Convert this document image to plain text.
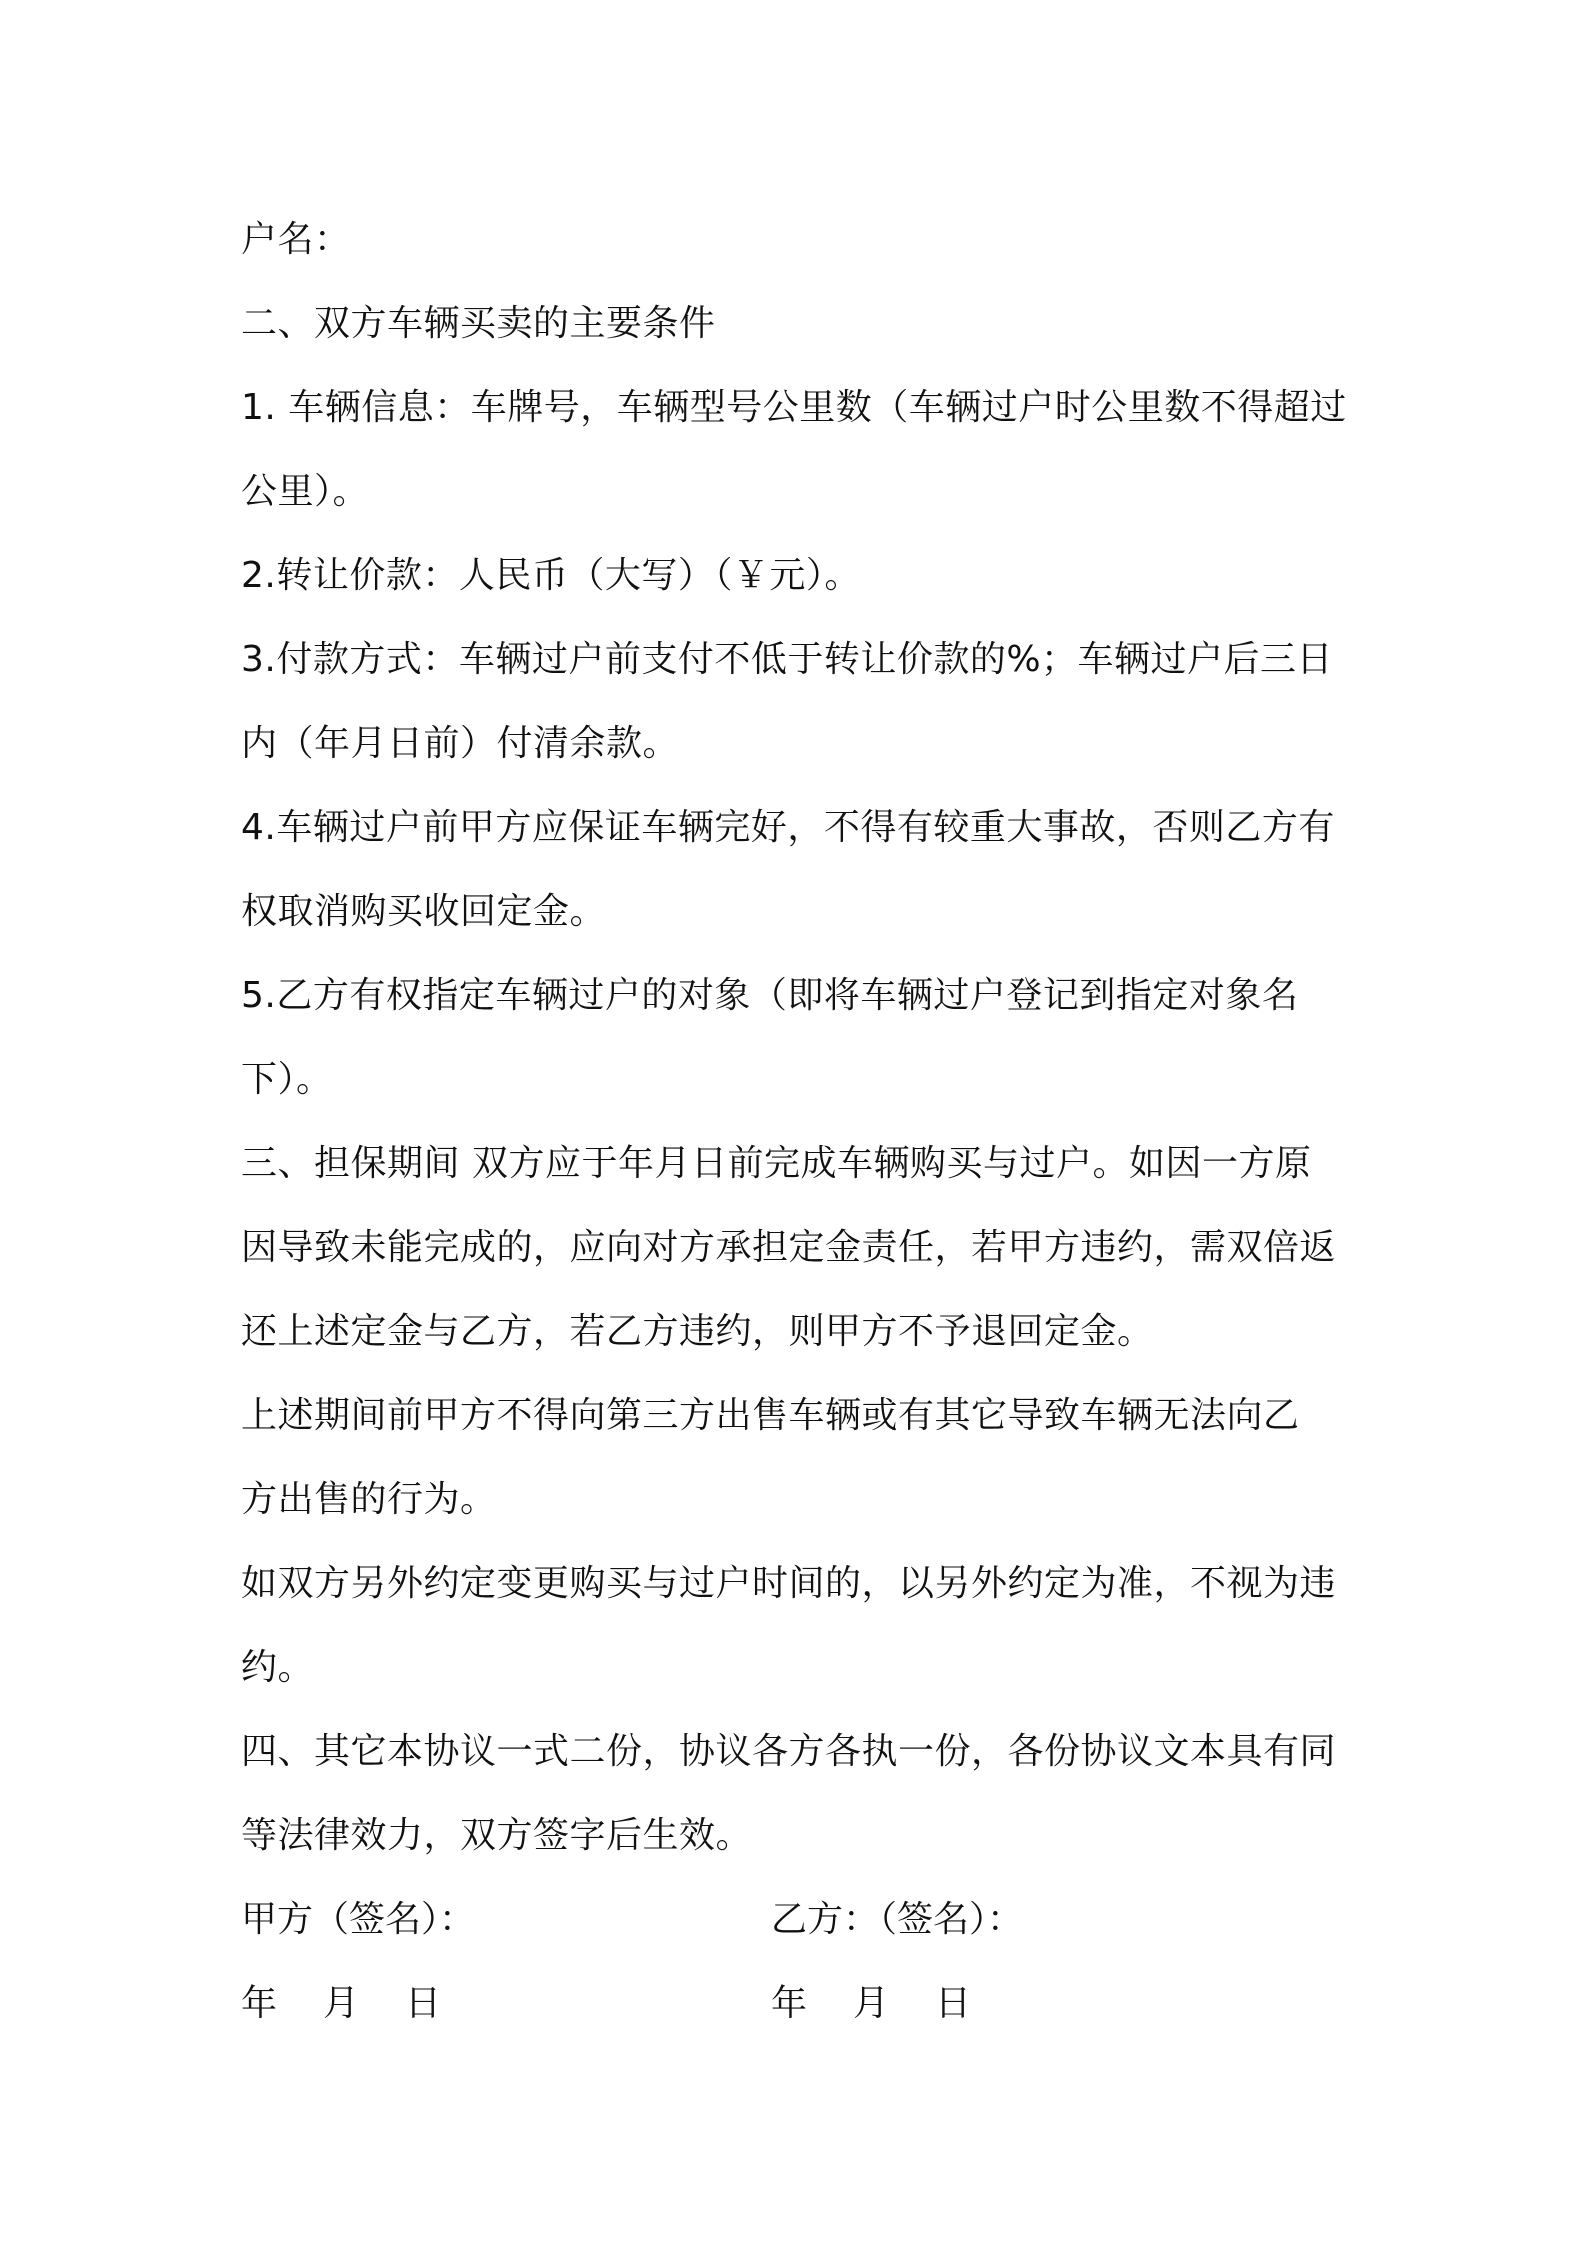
户名：
二、双方车辆买卖的主要条件
1. 车辆信息：车牌号，车辆型号公里数（车辆过户时公里数不得超过
公里）。
2.转让价款：人民币（大写）（￥元）。
3.付款方式：车辆过户前支付不低于转让价款的%；车辆过户后三日
内（年月日前）付清余款。
4.车辆过户前甲方应保证车辆完好，不得有较重大事故，否则乙方有
权取消购买收回定金。
5.乙方有权指定车辆过户的对象（即将车辆过户登记到指定对象名
下）。
三、担保期间 双方应于年月日前完成车辆购买与过户。如因一方原
因导致未能完成的，应向对方承担定金责任，若甲方违约，需双倍返
还上述定金与乙方，若乙方违约，则甲方不予退回定金。
上述期间前甲方不得向第三方出售车辆或有其它导致车辆无法向乙
方出售的行为。
如双方另外约定变更购买与过户时间的，以另外约定为准，不视为违
约。
四、其它本协议一式二份，协议各方各执一份，各份协议文本具有同
等法律效力，双方签字后生效。
甲方（签名）：	乙方：（签名）：
年 月 日	年 月 日
